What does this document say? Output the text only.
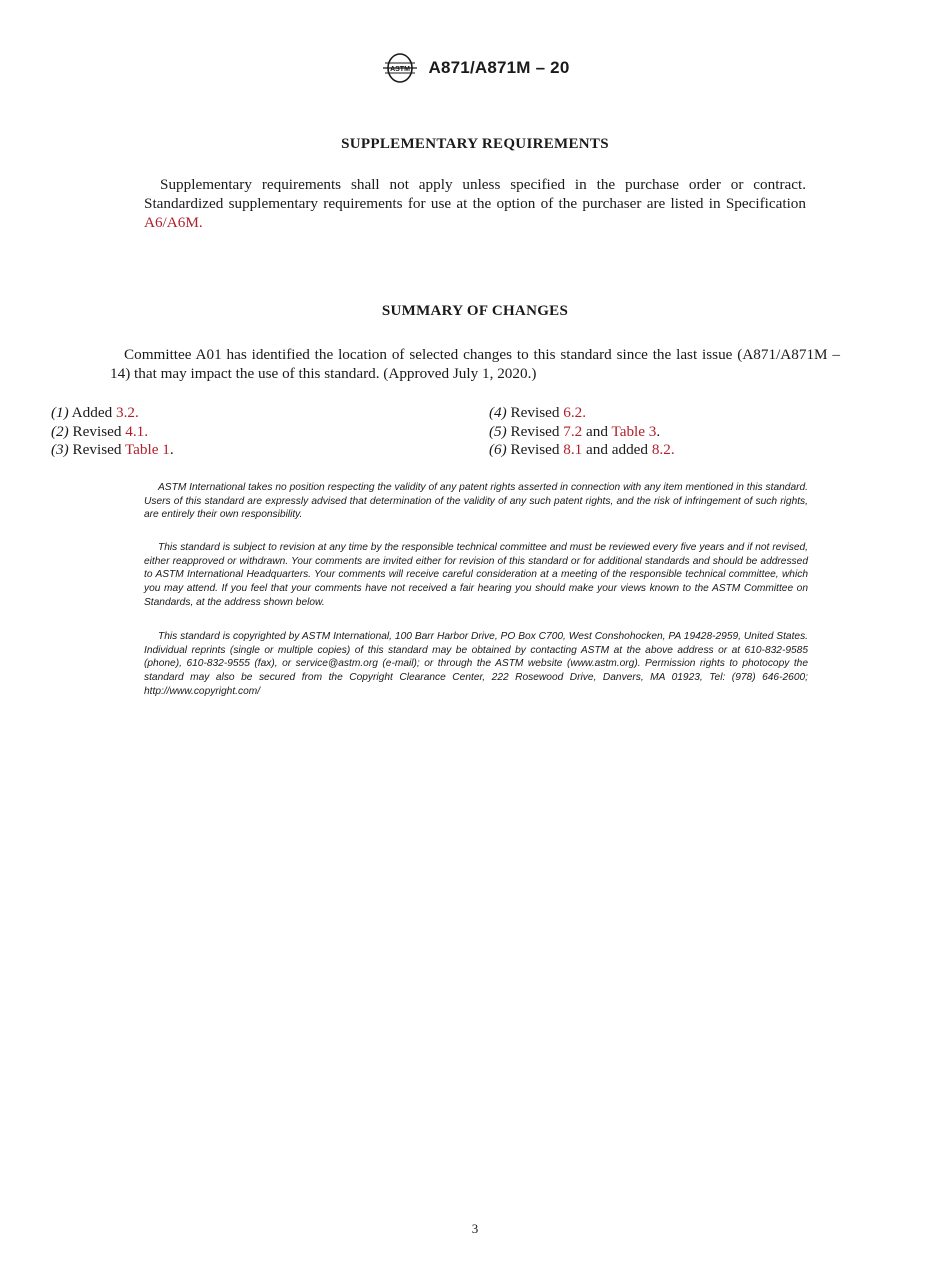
ASTM A871/A871M – 20
SUPPLEMENTARY REQUIREMENTS

Supplementary requirements shall not apply unless specified in the purchase order or contract. Standardized supplementary requirements for use at the option of the purchaser are listed in Specification A6/A6M.

SUMMARY OF CHANGES

Committee A01 has identified the location of selected changes to this standard since the last issue (A871/A871M – 14) that may impact the use of this standard. (Approved July 1, 2020.)

(1) Added 3.2.
(2) Revised 4.1.
(3) Revised Table 1.
(4) Revised 6.2.
(5) Revised 7.2 and Table 3.
(6) Revised 8.1 and added 8.2.

ASTM International takes no position respecting the validity of any patent rights asserted in connection with any item mentioned in this standard. Users of this standard are expressly advised that determination of the validity of any such patent rights, and the risk of infringement of such rights, are entirely their own responsibility.

This standard is subject to revision at any time by the responsible technical committee and must be reviewed every five years and if not revised, either reapproved or withdrawn. Your comments are invited either for revision of this standard or for additional standards and should be addressed to ASTM International Headquarters. Your comments will receive careful consideration at a meeting of the responsible technical committee, which you may attend. If you feel that your comments have not received a fair hearing you should make your views known to the ASTM Committee on Standards, at the address shown below.

This standard is copyrighted by ASTM International, 100 Barr Harbor Drive, PO Box C700, West Conshohocken, PA 19428-2959, United States. Individual reprints (single or multiple copies) of this standard may be obtained by contacting ASTM at the above address or at 610-832-9585 (phone), 610-832-9555 (fax), or service@astm.org (e-mail); or through the ASTM website (www.astm.org). Permission rights to photocopy the standard may also be secured from the Copyright Clearance Center, 222 Rosewood Drive, Danvers, MA 01923, Tel: (978) 646-2600; http://www.copyright.com/

3
